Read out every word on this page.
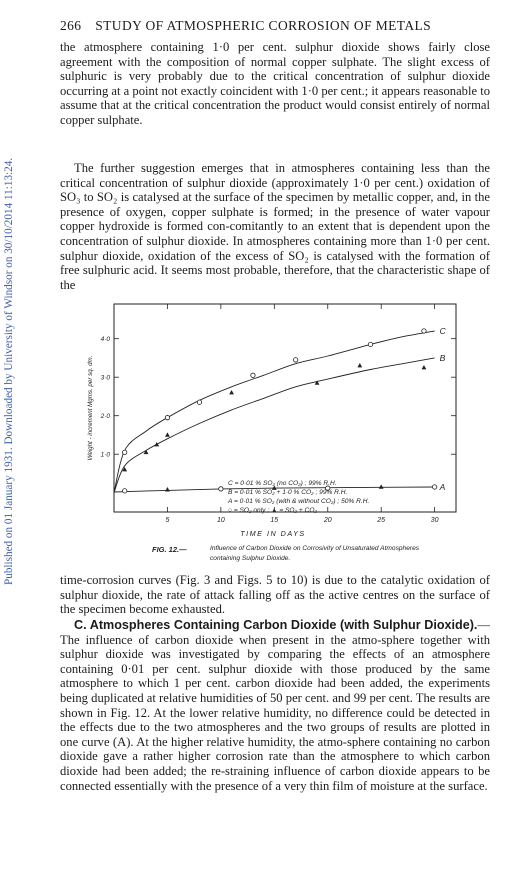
Published on 01 January 1931. Downloaded by University of Windsor on 30/10/2014 11:13:24.
266 STUDY OF ATMOSPHERIC CORROSION OF METALS

the atmosphere containing 1·0 per cent. sulphur dioxide shows fairly close agreement with the composition of normal copper sulphate. The slight excess of sulphuric is very probably due to the critical concentration of sulphur dioxide occurring at a point not exactly coincident with 1·0 per cent.; it appears reasonable to assume that at the critical concentration the product would consist entirely of normal copper sulphate.

The further suggestion emerges that in atmospheres containing less than the critical concentration of sulphur dioxide (approximately 1·0 per cent.) oxidation of SO₃ to SO₂ is catalysed at the surface of the specimen by metallic copper, and, in the presence of oxygen, copper sulphate is formed; in the presence of water vapour copper hydroxide is formed con-comitantly to an extent that is dependent upon the concentration of sulphur dioxide. In atmospheres containing more than 1·0 per cent. sulphur dioxide, oxidation of the excess of SO₂ is catalysed with the formation of free sulphuric acid. It seems most probable, therefore, that the characteristic shape of the

5	10	15	20	25	30
1·0
2·0
3·0
4·0
TIME IN DAYS
Weight - increment Mgms. per sq. dm.
C
B
A
C = 0·01 % SO₂ (no CO₂) ; 99% R.H.
B = 0·01 % SO₂ + 1·0 % CO₂ ; 99% R.H.
A = 0·01 % SO₂ (with & without CO₂) ; 50% R.H.
○ = SO₂ only ; ▲ = SO₂ + CO₂
FIG. 12.—	Influence of Carbon Dioxide on Corrosivity of Unsaturated Atmospheres containing Sulphur Dioxide.

time-corrosion curves (Fig. 3 and Figs. 5 to 10) is due to the catalytic oxidation of sulphur dioxide, the rate of attack falling off as the active centres on the surface of the specimen become exhausted.

C. Atmospheres Containing Carbon Dioxide (with Sulphur Dioxide).—The influence of carbon dioxide when present in the atmo-sphere together with sulphur dioxide was investigated by comparing the effects of an atmosphere containing 0·01 per cent. sulphur dioxide with those produced by the same atmosphere to which 1 per cent. carbon dioxide had been added, the experiments being duplicated at relative humidities of 50 per cent. and 99 per cent. The results are shown in Fig. 12. At the lower relative humidity, no difference could be detected in the effects due to the two atmospheres and the two groups of results are plotted in one curve (A). At the higher relative humidity, the atmo-sphere containing no carbon dioxide gave a rather higher corrosion rate than the atmosphere to which carbon dioxide had been added; the re-straining influence of carbon dioxide appears to be connected essentially with the presence of a very thin film of moisture at the surface.
